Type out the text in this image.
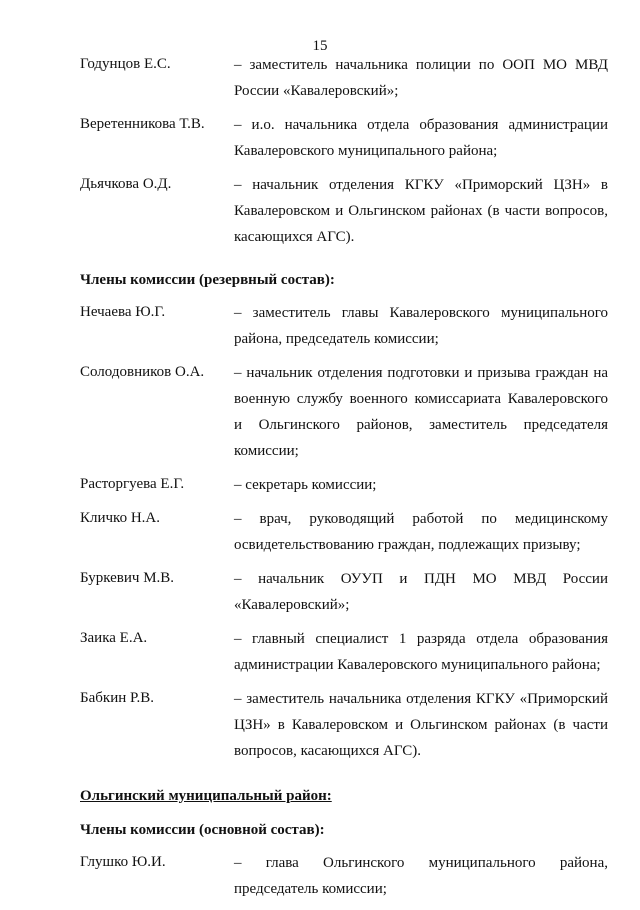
15
Годунцов Е.С.	– заместитель начальника полиции по ООП МО МВД России «Кавалеровский»;
Веретенникова Т.В.	– и.о. начальника отдела образования администрации Кавалеровского муниципального района;
Дьячкова О.Д.	– начальник отделения КГКУ «Приморский ЦЗН» в Кавалеровском и Ольгинском районах (в части вопросов, касающихся АГС).
Члены комиссии (резервный состав):
Нечаева Ю.Г.	– заместитель главы Кавалеровского муниципального района, председатель комиссии;
Солодовников О.А.	– начальник отделения подготовки и призыва граждан на военную службу военного комиссариата Кавалеровского и Ольгинского районов, заместитель председателя комиссии;
Расторгуева Е.Г.	– секретарь комиссии;
Кличко Н.А.	– врач, руководящий работой по медицинскому освидетельствованию граждан, подлежащих призыву;
Буркевич М.В.	– начальник ОУУП и ПДН МО МВД России «Кавалеровский»;
Заика Е.А.	– главный специалист 1 разряда отдела образования администрации Кавалеровского муниципального района;
Бабкин Р.В.	– заместитель начальника отделения КГКУ «Приморский ЦЗН» в Кавалеровском и Ольгинском районах (в части вопросов, касающихся АГС).
Ольгинский муниципальный район:
Члены комиссии (основной состав):
Глушко Ю.И.	– глава Ольгинского муниципального района, председатель комиссии;
